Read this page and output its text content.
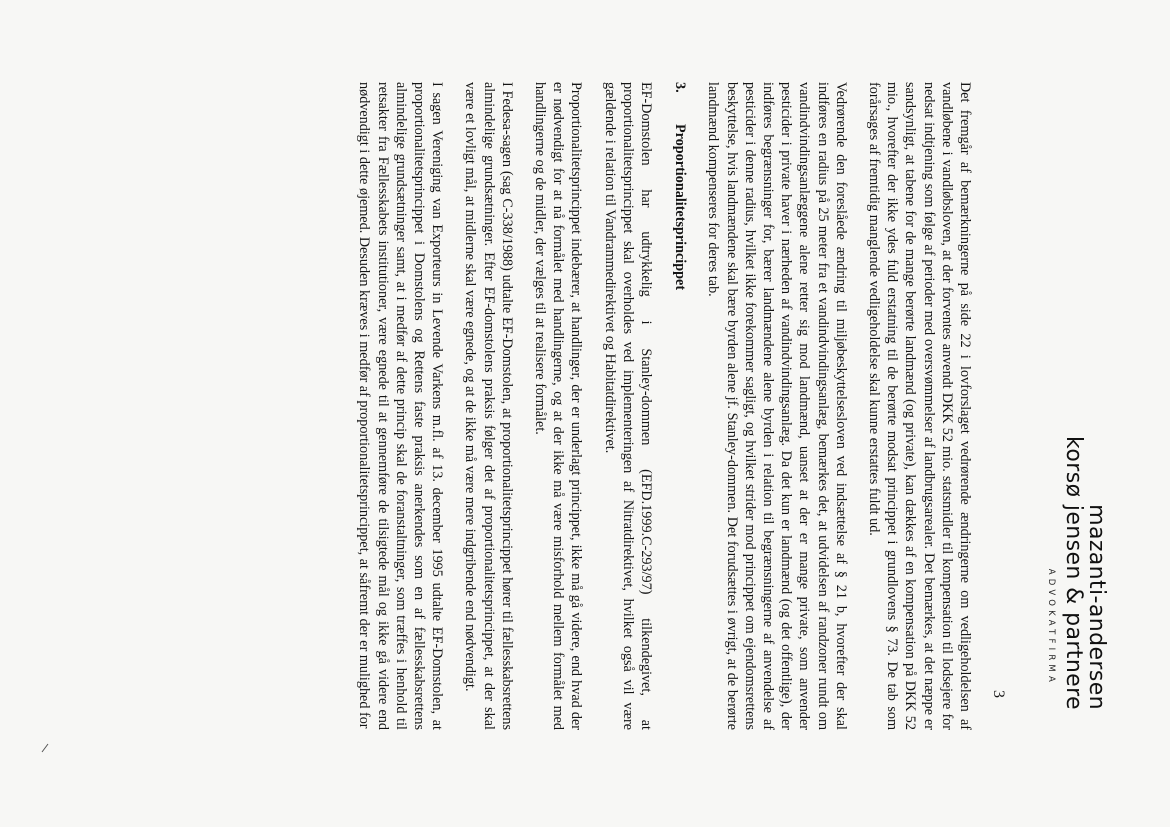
mazanti-andersen
korsø jensen & partnere
ADVOKATFIRMA
3

Det fremgår af bemærkningerne på side 22 i lovforslaget vedrørende ændringerne om vedligeholdelsen af vandløbene i vandløbsloven, at der forventes anvendt DKK 52 mio. statsmidler til kompensation til lodsejere for nedsat indtjening som følge af perioder med oversvømmelser af landbrugsarealer. Det bemærkes, at det næppe er sandsynligt, at tabene for de mange berørte landmænd (og private), kan dækkes af en kompensation på DKK 52 mio., hvorefter der ikke ydes fuld erstatning til de berørte modsat princippet i grundlovens § 73. De tab som forårsages af fremtidig manglende vedligeholdelse skal kunne erstattes fuldt ud.

Vedrørende den foreslåede ændring til miljøbeskyttelsesloven ved indsættelse af § 21 b, hvorefter der skal indføres en radius på 25 meter fra et vandindvindingsanlæg, bemærkes det, at udvidelsen af randzoner rundt om vandindvindingsanlæggene alene retter sig mod landmænd, uanset at der er mange private, som anvender pesticider i private haver i nærheden af vandindvindingsanlæg. Da det kun er landmænd (og det offentlige), der indføres begrænsninger for, bærer landmændene alene byrden i relation til begrænsningerne af anvendelse af pesticider i denne radius, hvilket ikke forekommer sagligt, og hvilket strider mod princippet om ejendomsrettens beskyttelse, hvis landmændene skal bære byrden alene jf. Stanley-dommen. Det forudsættes i øvrigt, at de berørte landmænd kompenseres for deres tab.

3.Proportionalitetsprincippet

EF-Domstolen har udtrykkelig i Stanley-dommen (EFD.1999.C-293/97) tilkendegivet, at proportionalitetsprincippet skal overholdes ved implementeringen af Nitratdirektivet, hvilket også vil være gældende i relation til Vandrammedirektivet og Habitatdirektivet.

Proportionalitetsprincippet indebærer, at handlinger, der er underlagt princippet, ikke må gå videre, end hvad der er nødvendigt for at nå formålet med handlingerne, og at der ikke må være misforhold mellem formålet med handlingerne og de midler, der vælges til at realisere formålet.

I Fedesa-sagen (sag C-338/1988) udtalte EF-Domstolen, at proportionalitetsprincippet hører til fællesskabsrettens almindelige grundsætninger. Efter EF-domstolens praksis følger det af proportionalitetsprincippet, at der skal være et lovligt mål, at midlerne skal være egnede, og at de ikke må være mere indgribende end nødvendigt.

I sagen Vereniging van Exporteurs in Levende Varkens m.fl. af 13. december 1995 udtalte EF-Domstolen, at proportionalitetsprincippet i Domstolens og Rettens faste praksis anerkendes som en af fællesskabsrettens almindelige grundsætninger samt, at i medfør af dette princip skal de foranstaltninger, som træffes i henhold til retsakter fra Fællesskabets institutioner, være egnede til at gennemføre de tilsigtede mål og ikke gå videre end nødvendigt i dette øjemed. Desuden kræves i medfør af proportionalitetsprincippet, at såfremt der er mulighed for
